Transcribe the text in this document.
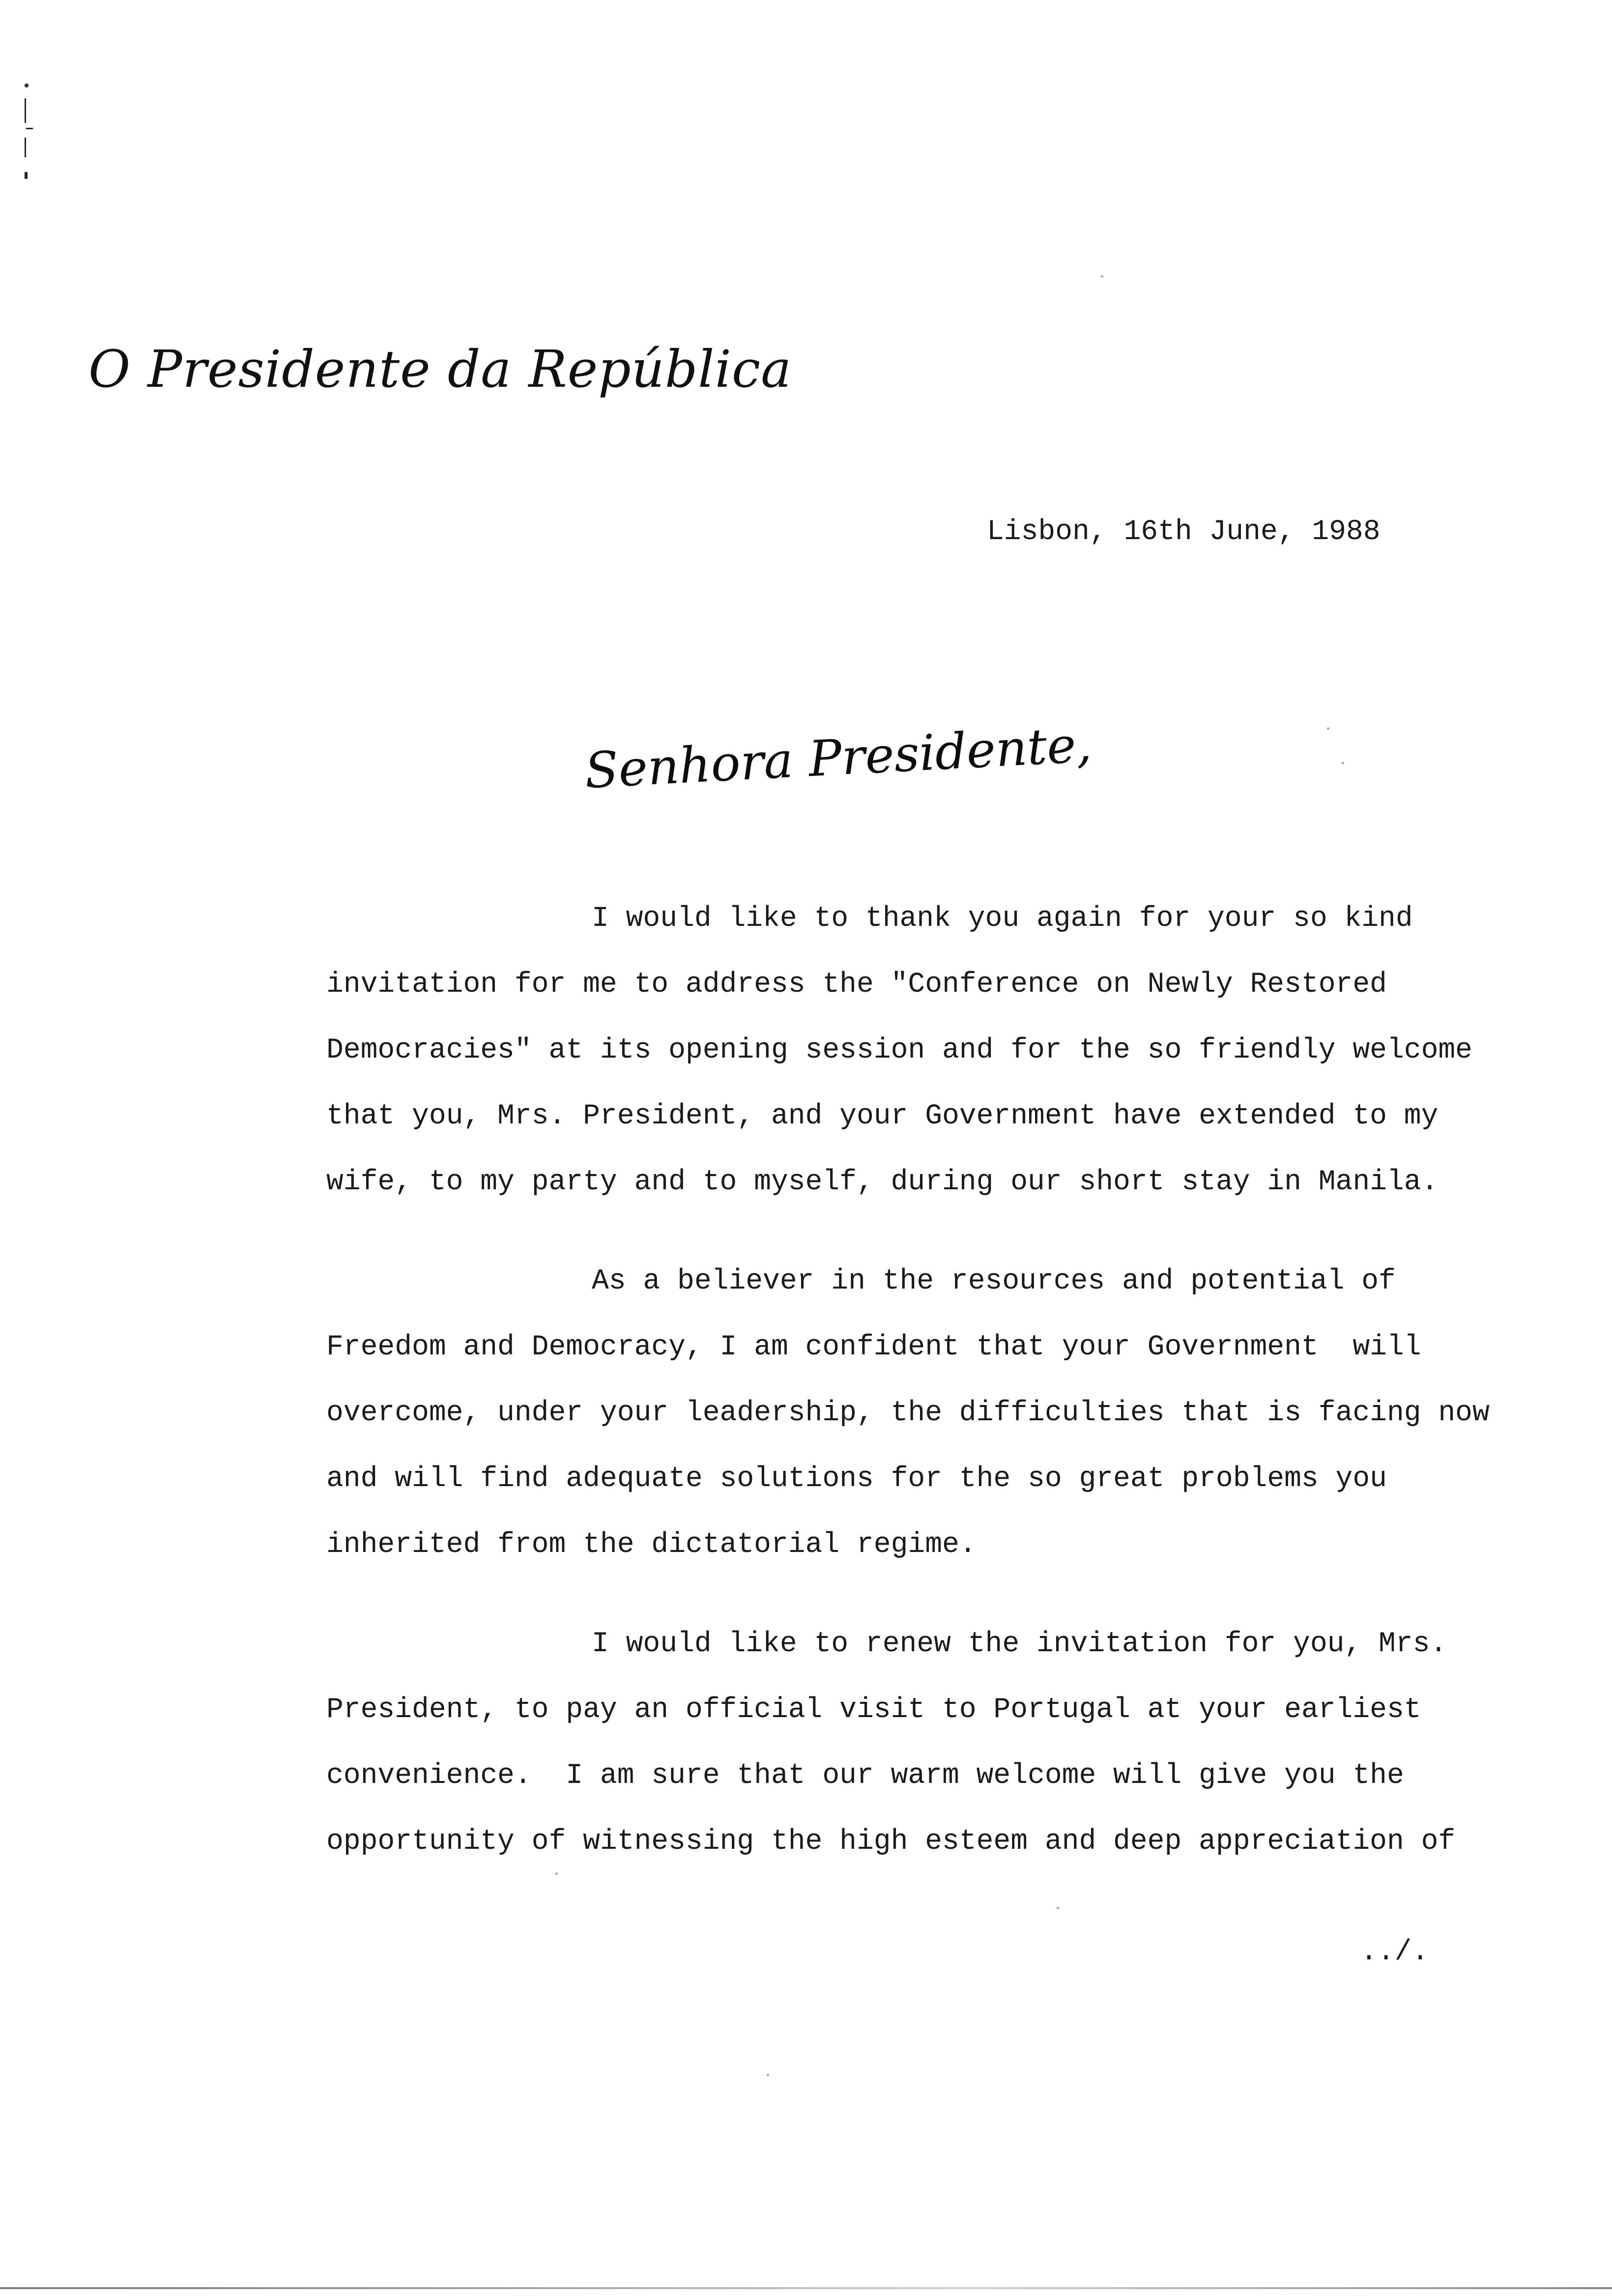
O Presidente da República
Lisbon, 16th June, 1988
Senhora Presidente,
I would like to thank you again for your so kind
invitation for me to address the "Conference on Newly Restored
Democracies" at its opening session and for the so friendly welcome
that you, Mrs. President, and your Government have extended to my
wife, to my party and to myself, during our short stay in Manila.
As a believer in the resources and potential of
Freedom and Democracy, I am confident that your Government  will
overcome, under your leadership, the difficulties that is facing now
and will find adequate solutions for the so great problems you
inherited from the dictatorial regime.
I would like to renew the invitation for you, Mrs.
President, to pay an official visit to Portugal at your earliest
convenience.  I am sure that our warm welcome will give you the
opportunity of witnessing the high esteem and deep appreciation of
../.
